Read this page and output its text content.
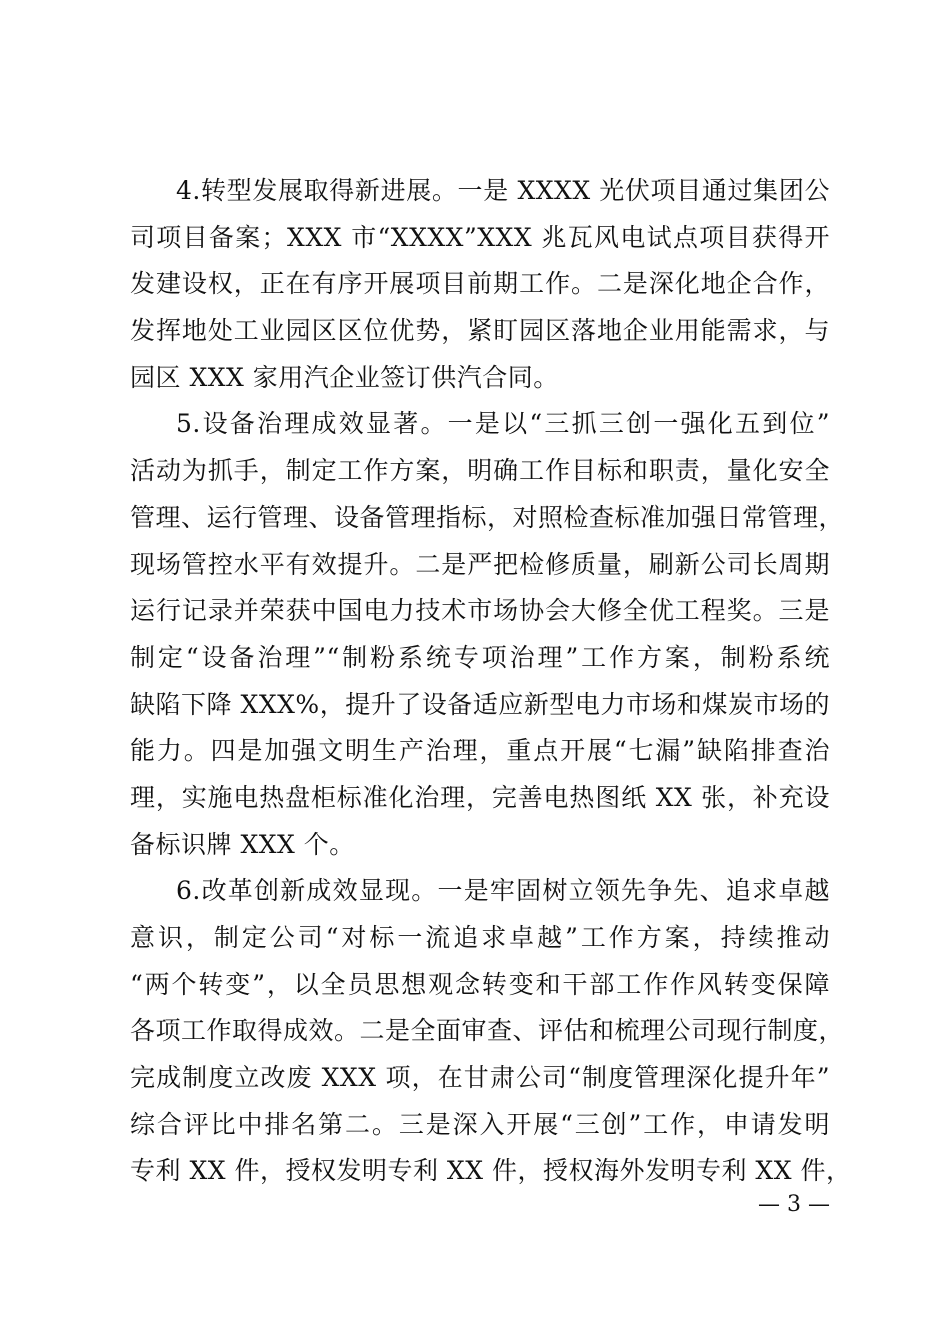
4.转型发展取得新进展。一是 XXXX 光伏项目通过集团公
司项目备案；XXX 市“XXXX”XXX 兆瓦风电试点项目获得开
发建设权，正在有序开展项目前期工作。二是深化地企合作，
发挥地处工业园区区位优势，紧盯园区落地企业用能需求，与
园区 XXX 家用汽企业签订供汽合同。
5.设备治理成效显著。一是以“三抓三创一强化五到位”
活动为抓手，制定工作方案，明确工作目标和职责，量化安全
管理、运行管理、设备管理指标，对照检查标准加强日常管理，
现场管控水平有效提升。二是严把检修质量，刷新公司长周期
运行记录并荣获中国电力技术市场协会大修全优工程奖。三是
制定“设备治理”“制粉系统专项治理”工作方案，制粉系统
缺陷下降 XXX%，提升了设备适应新型电力市场和煤炭市场的
能力。四是加强文明生产治理，重点开展“七漏”缺陷排查治
理，实施电热盘柜标准化治理，完善电热图纸 XX 张，补充设
备标识牌 XXX 个。
6.改革创新成效显现。一是牢固树立领先争先、追求卓越
意识，制定公司“对标一流追求卓越”工作方案，持续推动
“两个转变”，以全员思想观念转变和干部工作作风转变保障
各项工作取得成效。二是全面审查、评估和梳理公司现行制度，
完成制度立改废 XXX 项，在甘肃公司“制度管理深化提升年”
综合评比中排名第二。三是深入开展“三创”工作，申请发明
专利 XX 件，授权发明专利 XX 件，授权海外发明专利 XX 件，
— 3 —
